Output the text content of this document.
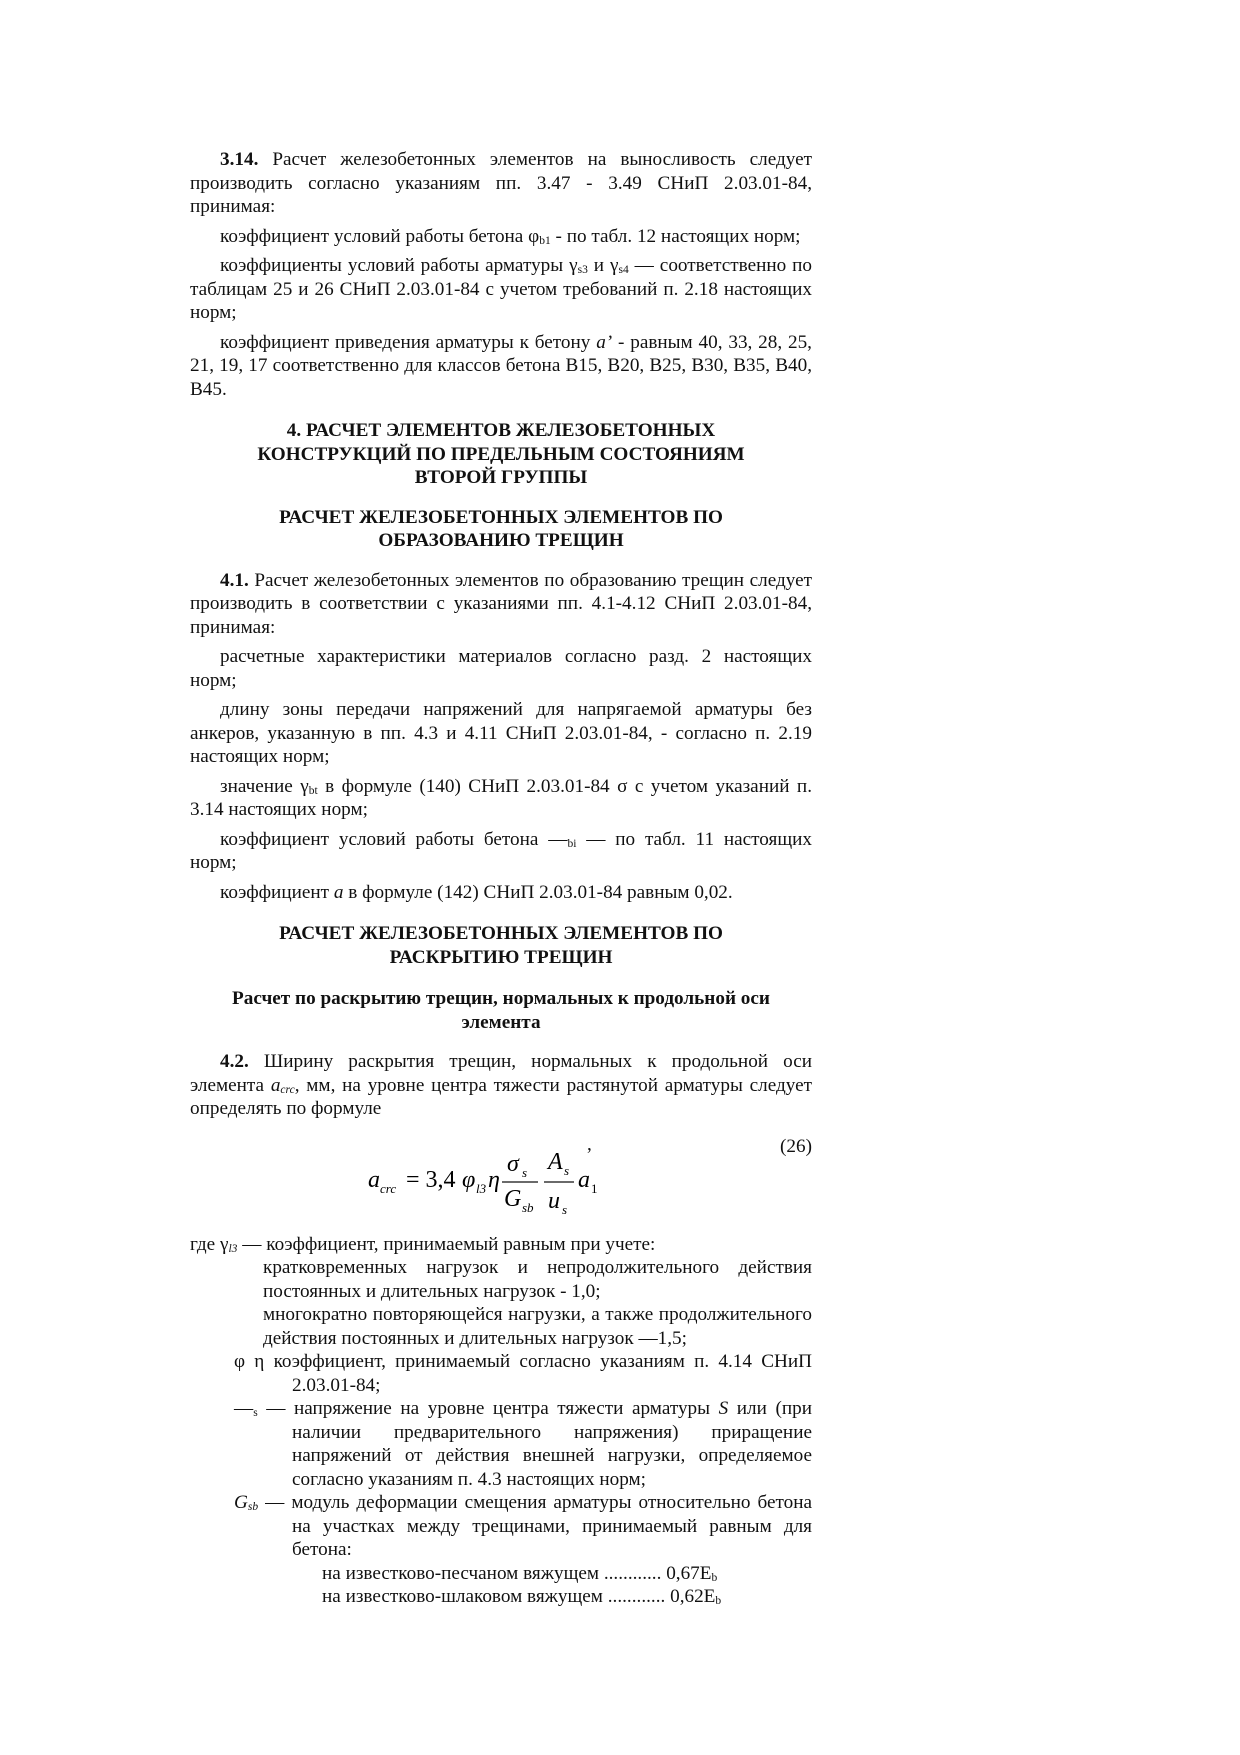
3.14. Расчет железобетонных элементов на выносливость следует производить согласно указаниям пп. 3.47 - 3.49 СНиП 2.03.01-84, принимая:

коэффициент условий работы бетона $\varphi_{b1}$ - по табл. 12 настоящих норм;

коэффициенты условий работы арматуры $\gamma_{s3}$ и $\gamma_{s4}$ — соответственно по таблицам 25 и 26 СНиП 2.03.01-84 с учетом требований п. 2.18 настоящих норм;

коэффициент приведения арматуры к бетону a’ - равным 40, 33, 28, 25, 21, 19, 17 соответственно для классов бетона В15, В20, В25, В30, В35, В40, В45.

4. РАСЧЕТ ЭЛЕМЕНТОВ ЖЕЛЕЗОБЕТОННЫХ
КОНСТРУКЦИЙ ПО ПРЕДЕЛЬНЫМ СОСТОЯНИЯМ
ВТОРОЙ ГРУППЫ
РАСЧЕТ ЖЕЛЕЗОБЕТОННЫХ ЭЛЕМЕНТОВ ПО
ОБРАЗОВАНИЮ ТРЕЩИН

4.1. Расчет железобетонных элементов по образованию трещин следует производить в соответствии с указаниями пп. 4.1-4.12 СНиП 2.03.01-84, принимая:

расчетные характеристики материалов согласно разд. 2 настоящих норм;

длину зоны передачи напряжений для напрягаемой арматуры без анкеров, указанную в пп. 4.3 и 4.11 СНиП 2.03.01-84, - согласно п. 2.19 настоящих норм;

значение $\gamma_{bt}$ в формуле (140) СНиП 2.03.01-84 σ с учетом указаний п. 3.14 настоящих норм;

коэффициент условий работы бетона $—_{bi}$ — по табл. 11 настоящих норм;

коэффициент a в формуле (142) СНиП 2.03.01-84 равным 0,02.

РАСЧЕТ ЖЕЛЕЗОБЕТОННЫХ ЭЛЕМЕНТОВ ПО
РАСКРЫТИЮ ТРЕЩИН
Расчет по раскрытию трещин, нормальных к продольной оси
элемента

4.2. Ширину раскрытия трещин, нормальных к продольной оси элемента $a_{crc}$, мм, на уровне центра тяжести растянутой арматуры следует определять по формуле

,	(26)
a crc = 3,4 φ l3 η
σ s
G sb
A s
u s
a 1

где $\gamma_{l3}$ — коэффициент, принимаемый равным при учете:

кратковременных нагрузок и непродолжительного действия постоянных и длительных нагрузок - 1,0;

многократно повторяющейся нагрузки, а также продолжительного действия постоянных и длительных нагрузок —1,5;

φ η коэффициент, принимаемый согласно указаниям п. 4.14 СНиП 2.03.01-84;

$—_s$ — напряжение на уровне центра тяжести арматуры S или (при наличии предварительного напряжения) приращение напряжений от действия внешней нагрузки, определяемое согласно указаниям п. 4.3 настоящих норм;

$G_{sb}$ — модуль деформации смещения арматуры относительно бетона на участках между трещинами, принимаемый равным для бетона:

на известково-песчаном вяжущем ............ $0,67E_b$

на известково-шлаковом вяжущем ............ $0,62E_b$
